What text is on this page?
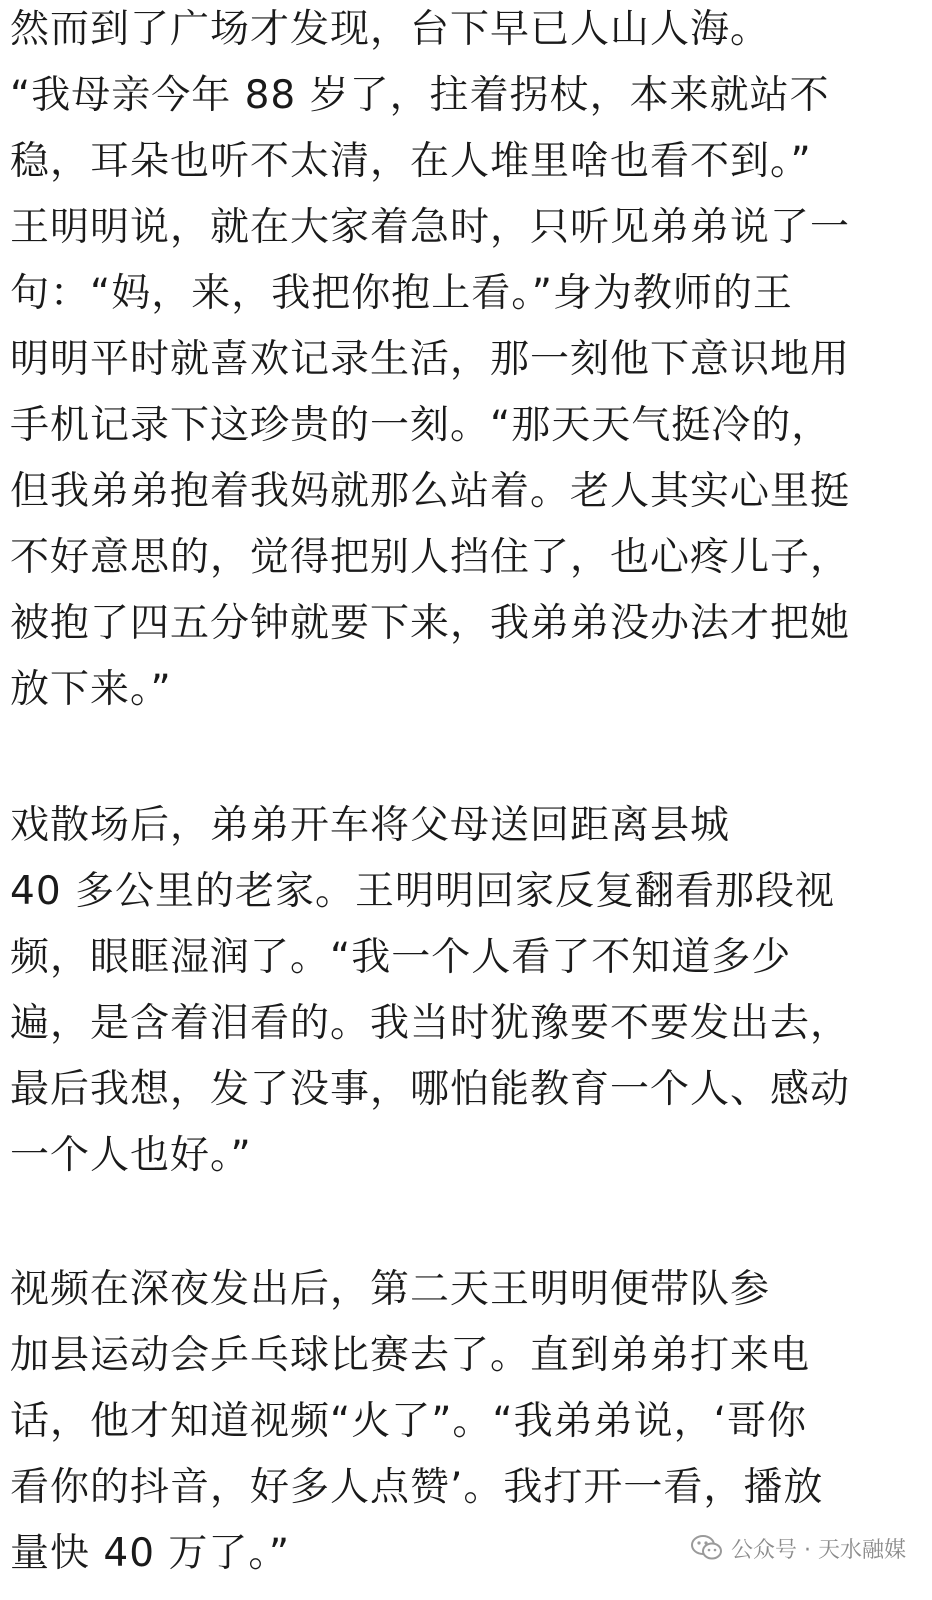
然而到了广场才发现，台下早已人山人海。
“我母亲今年 88 岁了，拄着拐杖，本来就站不
稳，耳朵也听不太清，在人堆里啥也看不到。”
王明明说，就在大家着急时，只听见弟弟说了一
句：“妈，来，我把你抱上看。”身为教师的王
明明平时就喜欢记录生活，那一刻他下意识地用
手机记录下这珍贵的一刻。“那天天气挺冷的，
但我弟弟抱着我妈就那么站着。老人其实心里挺
不好意思的，觉得把别人挡住了，也心疼儿子，
被抱了四五分钟就要下来，我弟弟没办法才把她
放下来。”
戏散场后，弟弟开车将父母送回距离县城
40 多公里的老家。王明明回家反复翻看那段视
频，眼眶湿润了。“我一个人看了不知道多少
遍，是含着泪看的。我当时犹豫要不要发出去，
最后我想，发了没事，哪怕能教育一个人、感动
一个人也好。”
视频在深夜发出后，第二天王明明便带队参
加县运动会乒乓球比赛去了。直到弟弟打来电
话，他才知道视频“火了”。“我弟弟说，‘哥你
看你的抖音，好多人点赞’。我打开一看，播放
量快 40 万了。”	公众号 · 天水融媒
